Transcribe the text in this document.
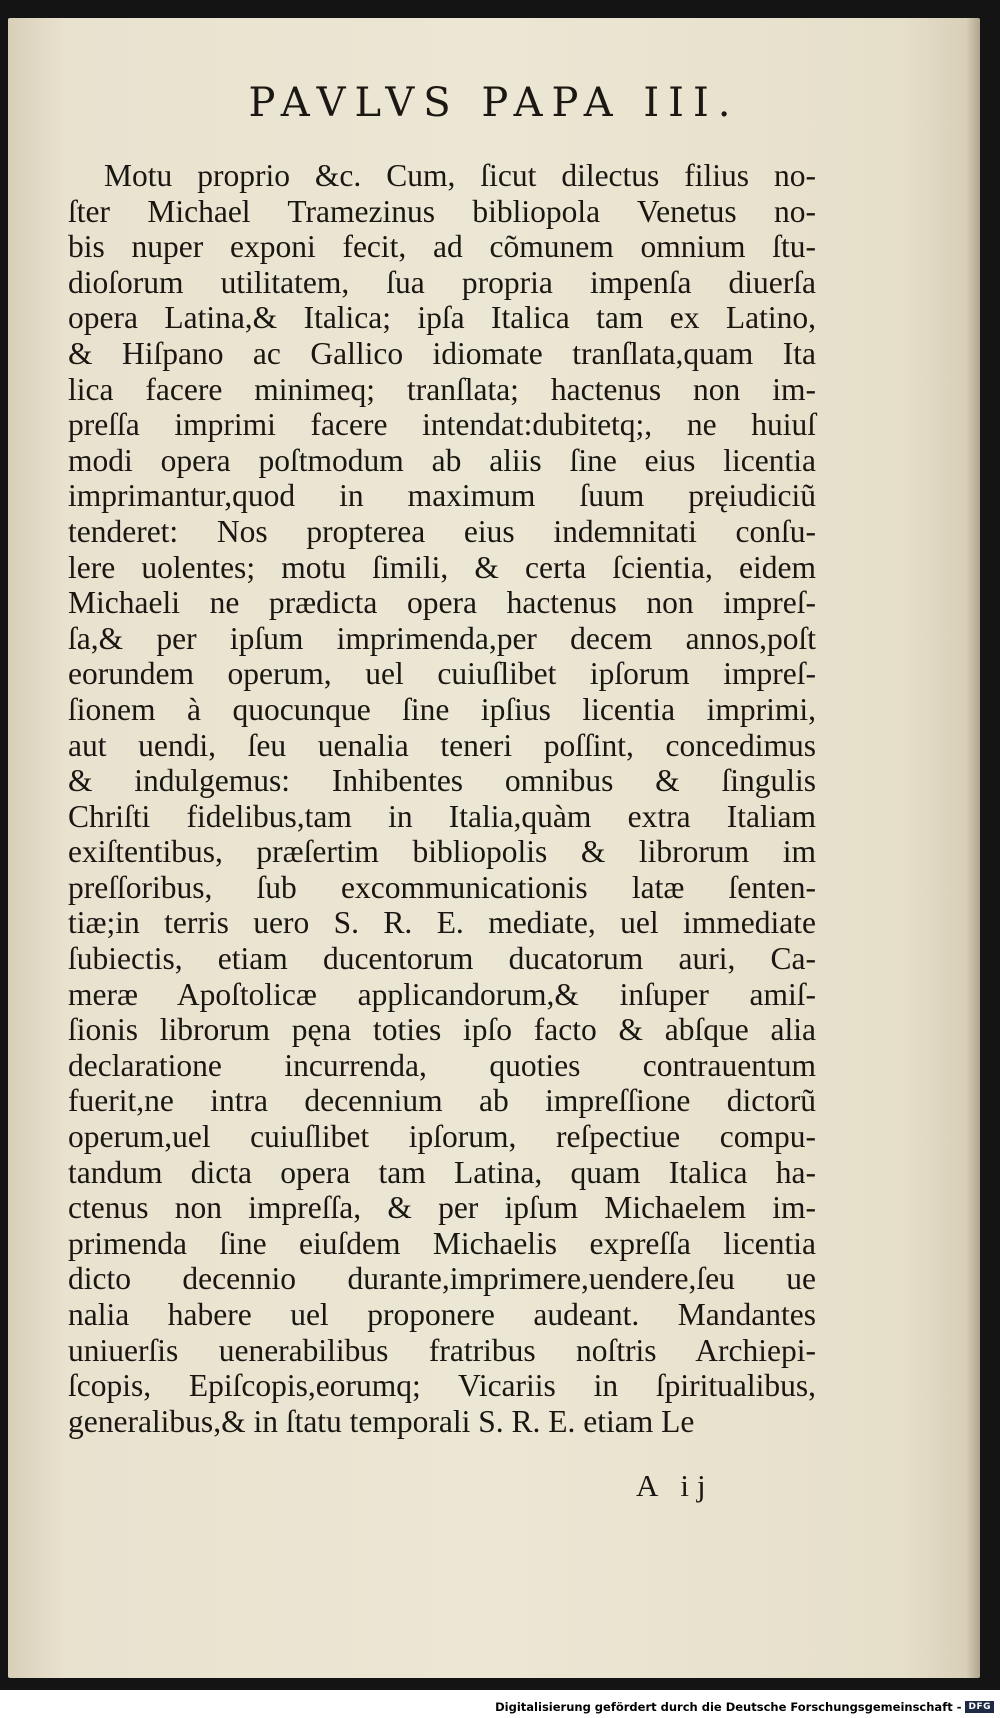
PAVLVS PAPA III.
Motu proprio &c. Cum, ſicut dilectus filius no-
ſter Michael Tramezinus bibliopola Venetus no-
bis nuper exponi fecit, ad cõmunem omnium ſtu-
dioſorum utilitatem, ſua propria impenſa diuerſa
opera Latina,& Italica; ipſa Italica tam ex Latino,
& Hiſpano ac Gallico idiomate tranſlata,quam Ita
lica facere minimeq; tranſlata; hactenus non im-
preſſa imprimi facere intendat:dubitetq;, ne huiuſ
modi opera poſtmodum ab aliis ſine eius licentia
imprimantur,quod in maximum ſuum pręiudiciũ
tenderet: Nos propterea eius indemnitati conſu-
lere uolentes; motu ſimili, & certa ſcientia, eidem
Michaeli ne prædicta opera hactenus non impreſ-
ſa,& per ipſum imprimenda,per decem annos,poſt
eorundem operum, uel cuiuſlibet ipſorum impreſ-
ſionem à quocunque ſine ipſius licentia imprimi,
aut uendi, ſeu uenalia teneri poſſint, concedimus
& indulgemus: Inhibentes omnibus & ſingulis
Chriſti fidelibus,tam in Italia,quàm extra Italiam
exiſtentibus, præſertim bibliopolis & librorum im
preſſoribus, ſub excommunicationis latæ ſenten-
tiæ;in terris uero S. R. E. mediate, uel immediate
ſubiectis, etiam ducentorum ducatorum auri, Ca-
meræ Apoſtolicæ applicandorum,& inſuper amiſ-
ſionis librorum pęna toties ipſo facto & abſque alia
declaratione incurrenda, quoties contrauentum
fuerit,ne intra decennium ab impreſſione dictorũ
operum,uel cuiuſlibet ipſorum, reſpectiue compu-
tandum dicta opera tam Latina, quam Italica ha-
ctenus non impreſſa, & per ipſum Michaelem im-
primenda ſine eiuſdem Michaelis expreſſa licentia
dicto decennio durante,imprimere,uendere,ſeu ue
nalia habere uel proponere audeant. Mandantes
uniuerſis uenerabilibus fratribus noſtris Archiepi-
ſcopis, Epiſcopis,eorumq; Vicariis in ſpiritualibus,
generalibus,& in ſtatu temporali S. R. E. etiam Le
A ij
Digitalisierung gefördert durch die Deutsche Forschungsgemeinschaft - DFG
